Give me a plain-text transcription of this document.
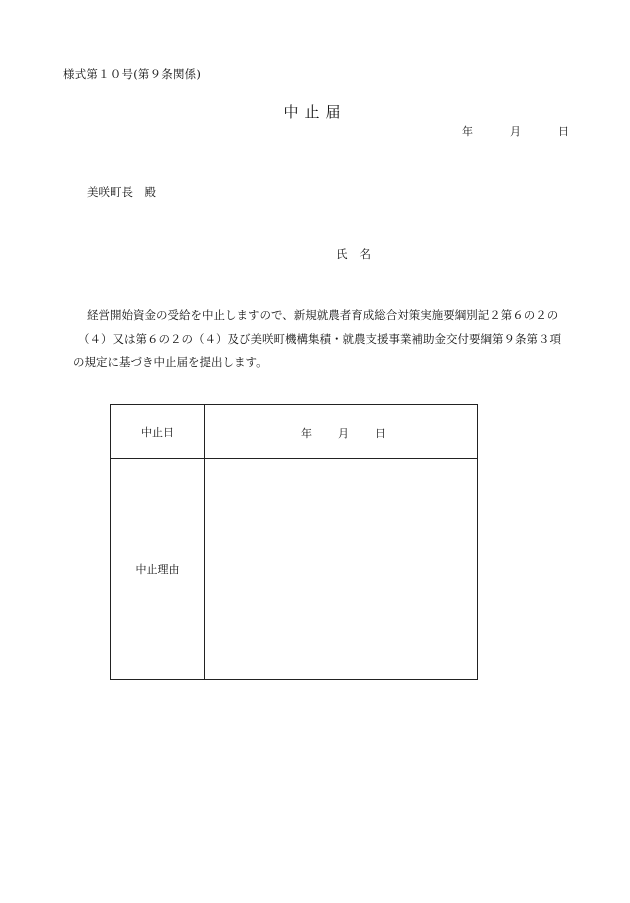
様式第１０号(第９条関係)
中止届
年	月	日
美咲町長　殿
氏名
経営開始資金の受給を中止しますので、新規就農者育成総合対策実施要綱別記２第６の２の
（４）又は第６の２の（４）及び美咲町機構集積・就農支援事業補助金交付要綱第９条第３項
の規定に基づき中止届を提出します。
中止日	年 月 日

中止理由	
